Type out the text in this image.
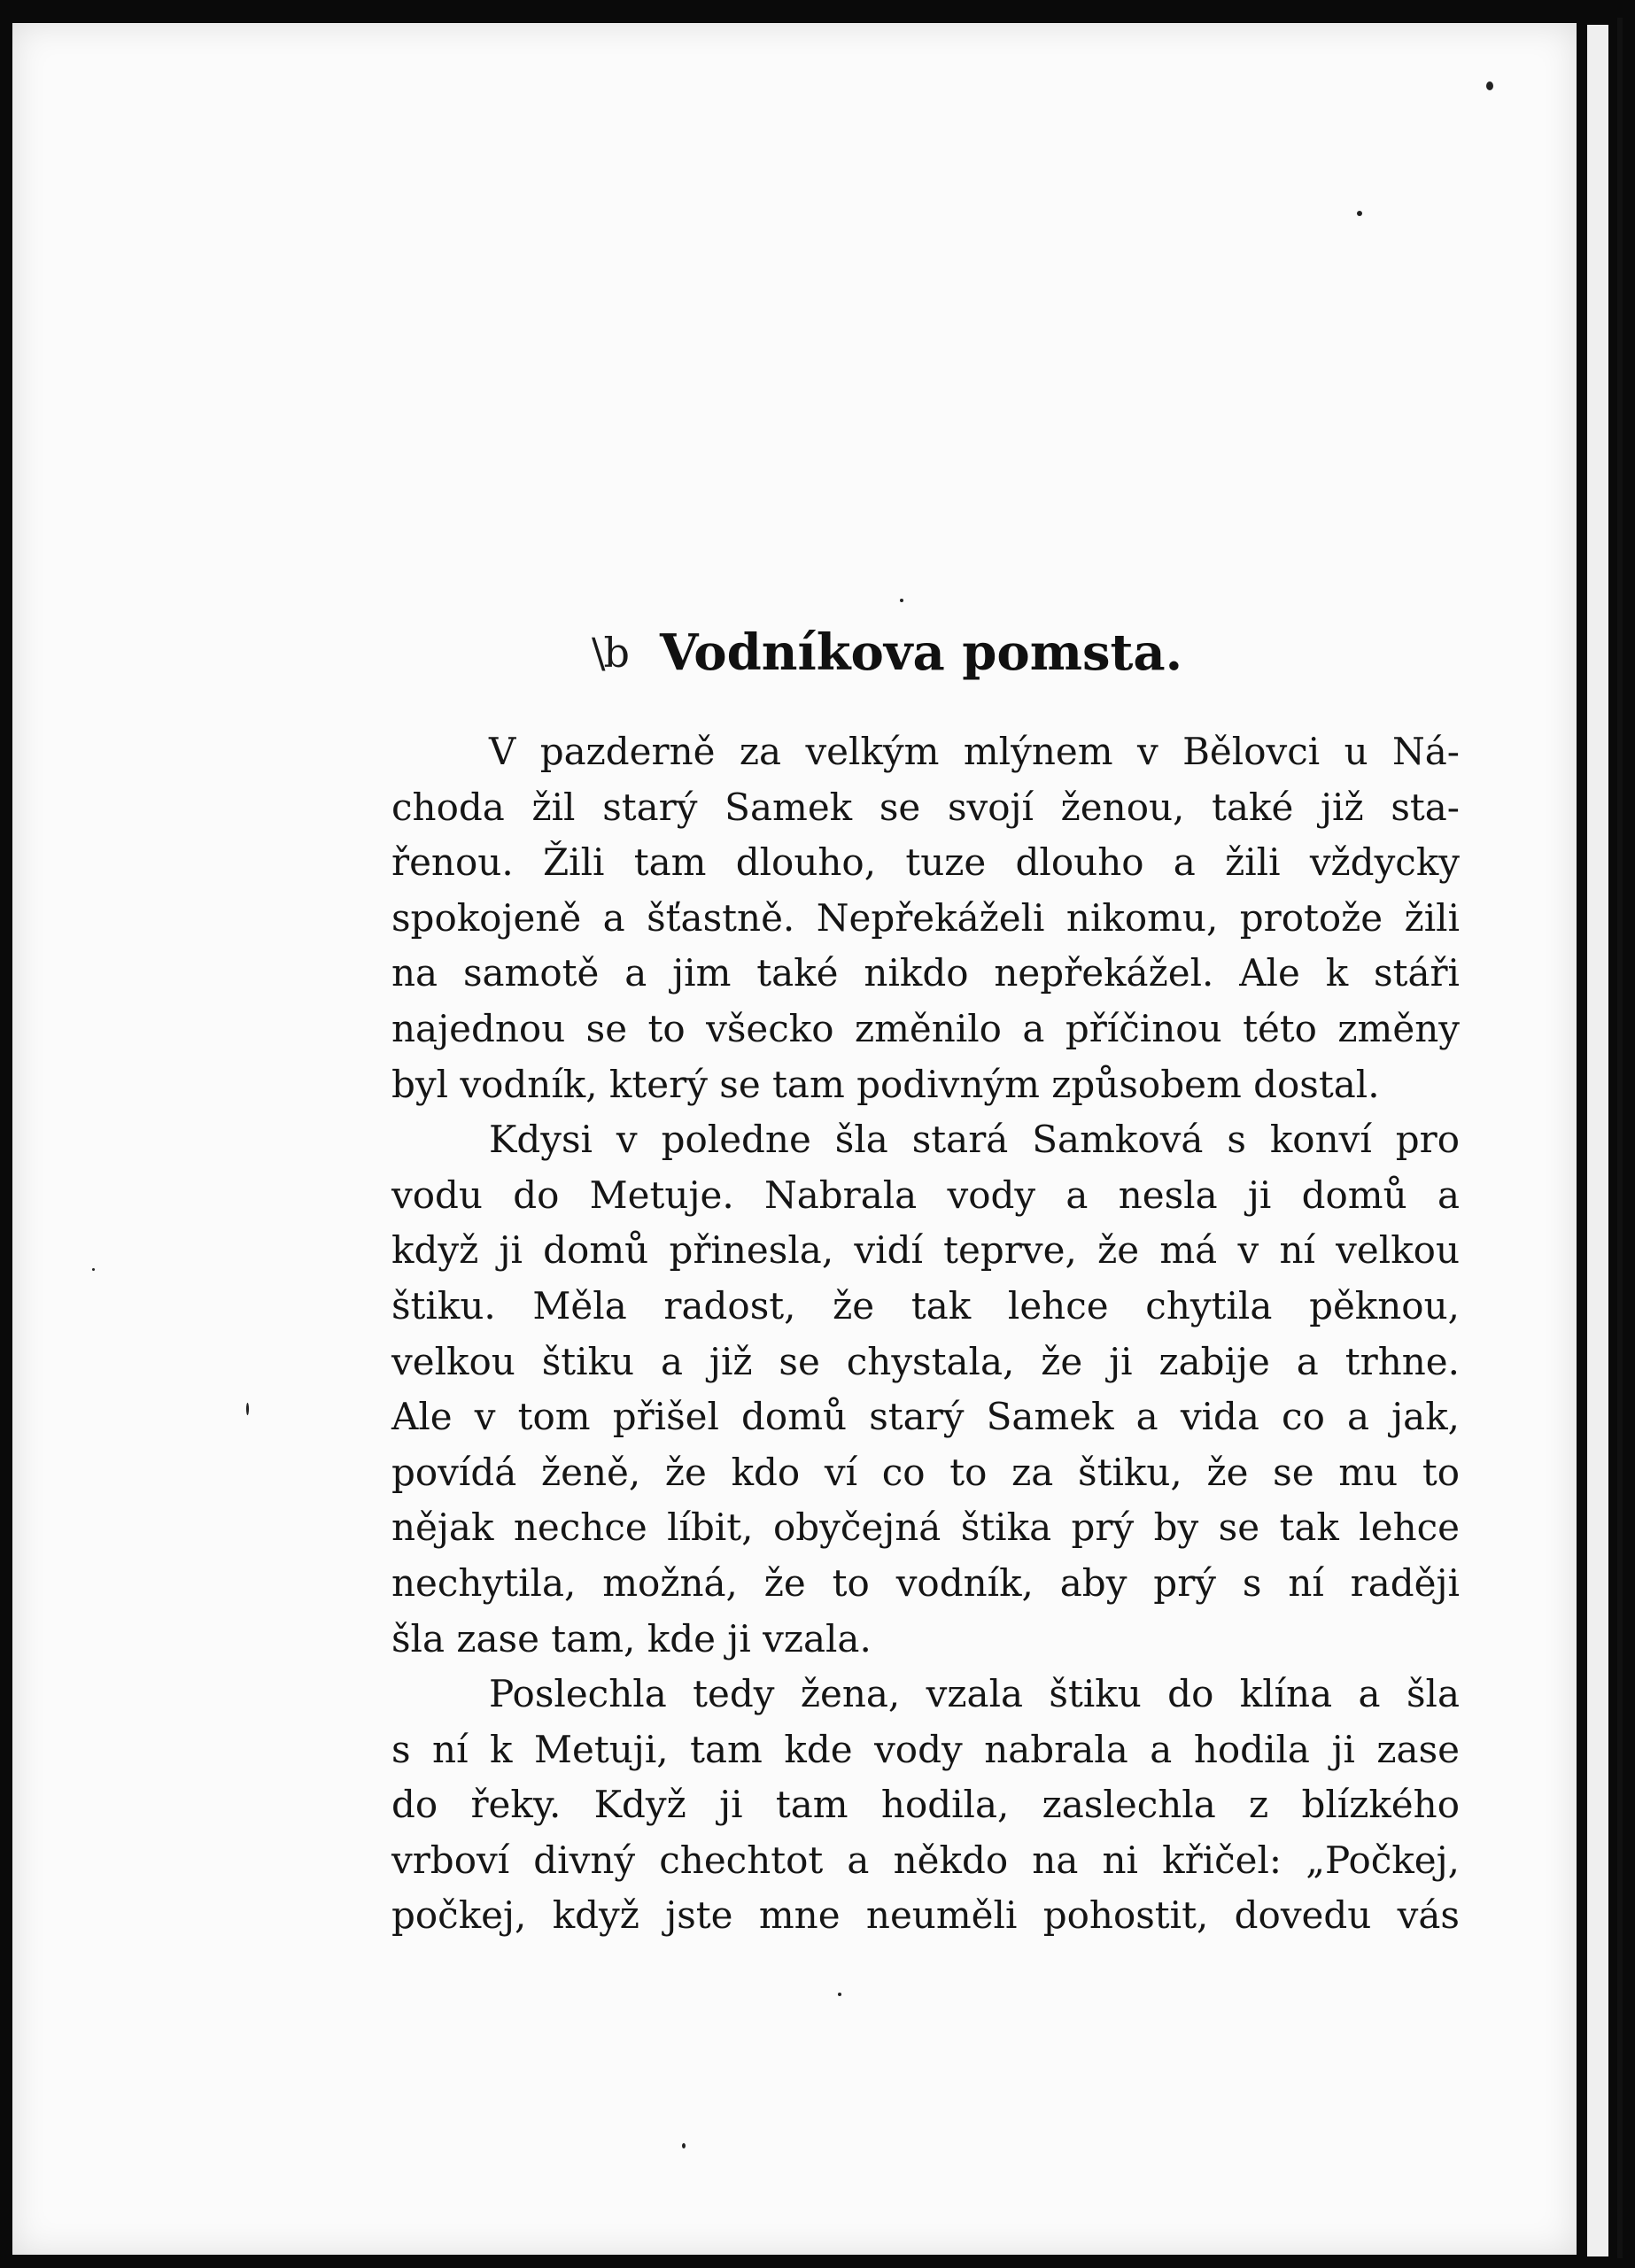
\b Vodníkova pomsta.
V pazderně za velkým mlýnem v Bělovci u Ná-
choda žil starý Samek se svojí ženou, také již sta-
řenou. Žili tam dlouho, tuze dlouho a žili vždycky
spokojeně a šťastně. Nepřekáželi nikomu, protože žili
na samotě a jim také nikdo nepřekážel. Ale k stáři
najednou se to všecko změnilo a příčinou této změny
byl vodník, který se tam podivným způsobem dostal.
Kdysi v poledne šla stará Samková s konví pro
vodu do Metuje. Nabrala vody a nesla ji domů a
když ji domů přinesla, vidí teprve, že má v ní velkou
štiku. Měla radost, že tak lehce chytila pěknou,
velkou štiku a již se chystala, že ji zabije a trhne.
Ale v tom přišel domů starý Samek a vida co a jak,
povídá ženě, že kdo ví co to za štiku, že se mu to
nějak nechce líbit, obyčejná štika prý by se tak lehce
nechytila, možná, že to vodník, aby prý s ní raději
šla zase tam, kde ji vzala.
Poslechla tedy žena, vzala štiku do klína a šla
s ní k Metuji, tam kde vody nabrala a hodila ji zase
do řeky. Když ji tam hodila, zaslechla z blízkého
vrboví divný chechtot a někdo na ni křičel: „Počkej,
počkej, když jste mne neuměli pohostit, dovedu vás
